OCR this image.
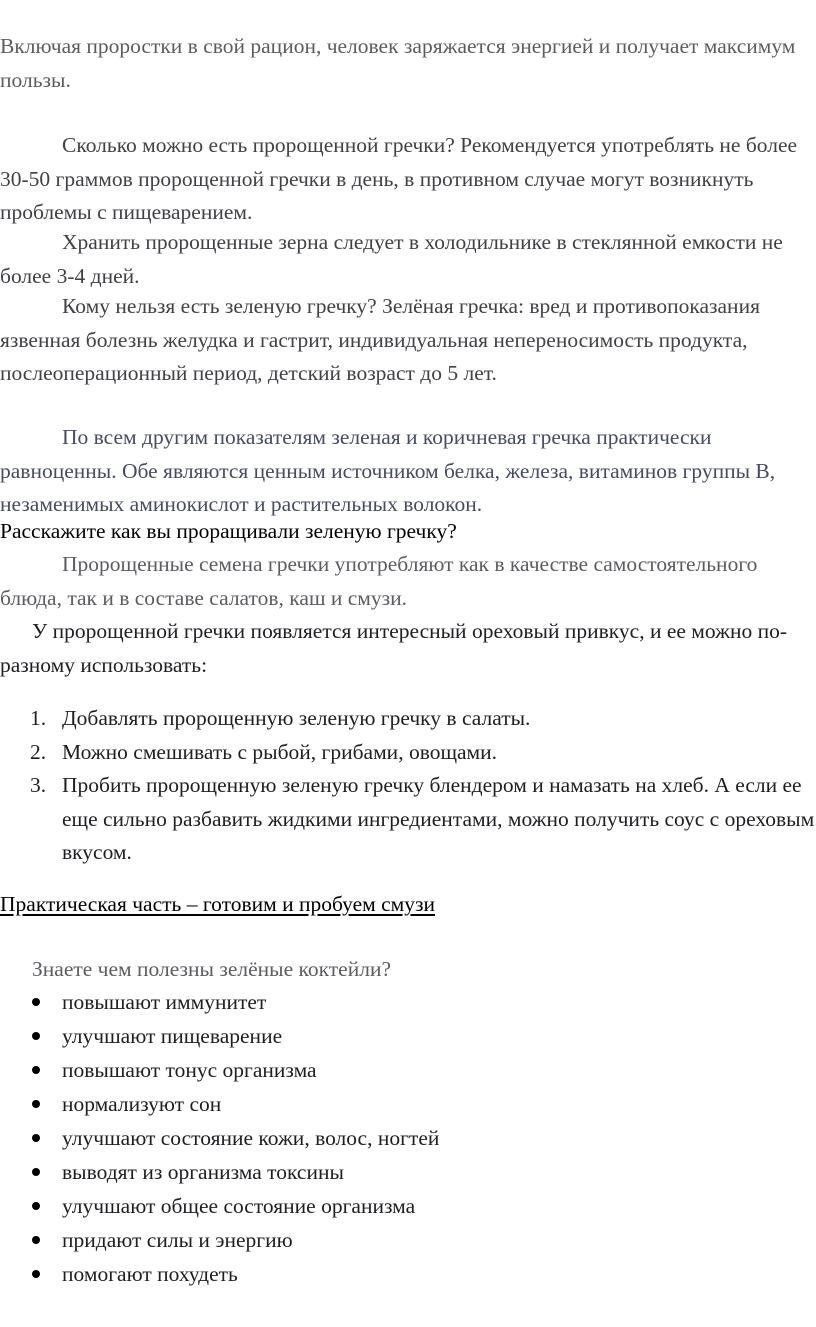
Включая проростки в свой рацион, человек заряжается энергией и получает максимум пользы.

Сколько можно есть пророщенной гречки? Рекомендуется употреблять не более 30-50 граммов пророщенной гречки в день, в противном случае могут возникнуть проблемы с пищеварением.

Хранить пророщенные зерна следует в холодильнике в стеклянной емкости не более 3-4 дней.

Кому нельзя есть зеленую гречку? Зелёная гречка: вред и противопоказания язвенная болезнь желудка и гастрит, индивидуальная непереносимость продукта, послеоперационный период, детский возраст до 5 лет.

По всем другим показателям зеленая и коричневая гречка практически равноценны. Обе являются ценным источником белка, железа, витаминов группы В, незаменимых аминокислот и растительных волокон.

Расскажите как вы проращивали зеленую гречку?

Пророщенные семена гречки употребляют как в качестве самостоятельного блюда, так и в составе салатов, каш и смузи.

У пророщенной гречки появляется интересный ореховый привкус, и ее можно по-разному использовать:

1. Добавлять пророщенную зеленую гречку в салаты.
2. Можно смешивать с рыбой, грибами, овощами.
3. Пробить пророщенную зеленую гречку блендером и намазать на хлеб. А если ее еще сильно разбавить жидкими ингредиентами, можно получить соус с ореховым вкусом.

Практическая часть – готовим и пробуем смузи

Знаете чем полезны зелёные коктейли?

повышают иммунитет
улучшают пищеварение
повышают тонус организма
нормализуют сон
улучшают состояние кожи, волос, ногтей
выводят из организма токсины
улучшают общее состояние организма
придают силы и энергию
помогают похудеть
